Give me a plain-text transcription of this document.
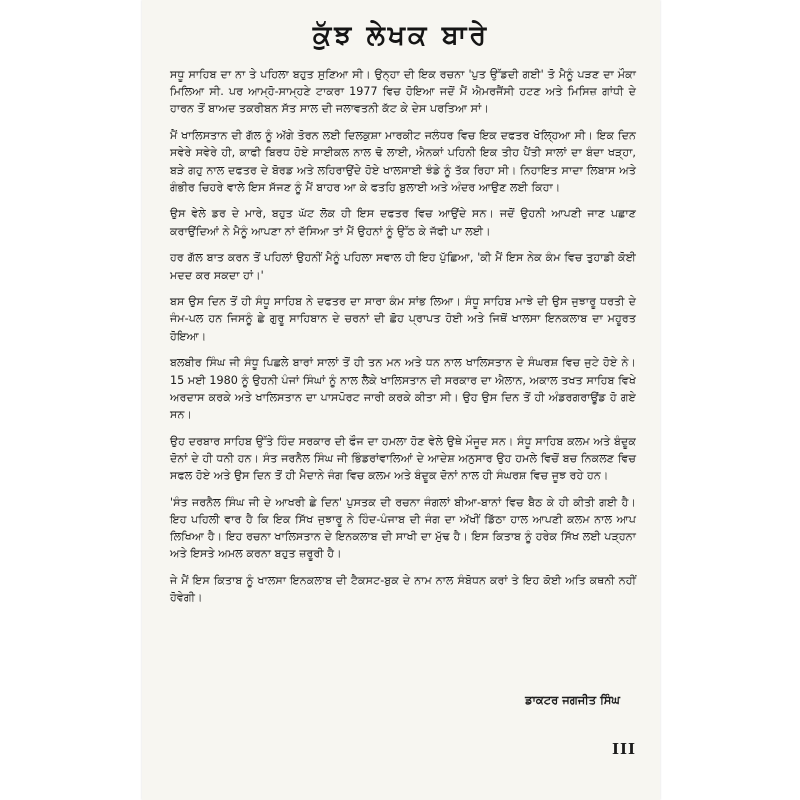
ਕੁੱਝ ਲੇਖਕ ਬਾਰੇ

ਸਧੂ ਸਾਹਿਬ ਦਾ ਨਾ ਤੇ ਪਹਿਲਾ ਬਹੁਤ ਸੁਣਿਆ ਸੀ। ਉਨ੍ਹਾ ਦੀ ਇਕ ਰਚਨਾ 'ਪੁਤ ਉੱਡਦੀ ਗਈ' ਤੋ ਮੈਨੂੰ ਪੜਣ ਦਾ ਮੌਕਾ ਮਿਲਿਆ ਸੀ. ਪਰ ਆਮ੍ਹੋ-ਸਾਮ੍ਹਣੇ ਟਾਕਰਾ 1977 ਵਿਚ ਹੋਇਆ ਜਦੋਂ ਮੈਂ ਐਮਰਜੈਂਸੀ ਹਟਣ ਅਤੇ ਮਿਸਿਜ਼ ਗਾਂਧੀ ਦੇ ਹਾਰਨ ਤੋਂ ਬਾਅਦ ਤਕਰੀਬਨ ਸੱਤ ਸਾਲ ਦੀ ਜਲਾਵਤਨੀ ਕੱਟ ਕੇ ਦੇਸ ਪਰਤਿਆ ਸਾਂ।

ਮੈਂ ਖਾਲਿਸਤਾਨ ਦੀ ਗੱਲ ਨੂੰ ਅੱਗੇ ਤੋਰਨ ਲਈ ਦਿਲਕੁਸ਼ਾ ਮਾਰਕੀਟ ਜਲੰਧਰ ਵਿਚ ਇਕ ਦਫਤਰ ਖੋਲ੍ਹਿਆ ਸੀ। ਇਕ ਦਿਨ ਸਵੇਰੇ ਸਵੇਰੇ ਹੀ, ਕਾਫੀ ਬਿਰਧ ਹੋਏ ਸਾਈਕਲ ਨਾਲ ਢੋ ਲਾਈ, ਐਨਕਾਂ ਪਹਿਨੀ ਇਕ ਤੀਹ ਪੈਂਤੀ ਸਾਲਾਂ ਦਾ ਬੰਦਾ ਖੜ੍ਹਾ, ਬੜੇ ਗਹੁ ਨਾਲ ਦਫਤਰ ਦੇ ਬੋਰਡ ਅਤੇ ਲਹਿਰਾਉਂਦੇ ਹੋਏ ਖਾਲਸਾਈ ਝੰਡੇ ਨੂੰ ਤੱਕ ਰਿਹਾ ਸੀ। ਨਿਹਾਇਤ ਸਾਦਾ ਲਿਬਾਸ ਅਤੇ ਗੰਭੀਰ ਚਿਹਰੇ ਵਾਲੇ ਇਸ ਸੱਜਣ ਨੂੰ ਮੈਂ ਬਾਹਰ ਆ ਕੇ ਫਤਹਿ ਬੁਲਾਈ ਅਤੇ ਅੰਦਰ ਆਉਣ ਲਈ ਕਿਹਾ।

ਉਸ ਵੇਲੇ ਡਰ ਦੇ ਮਾਰੇ, ਬਹੁਤ ਘੱਟ ਲੋਕ ਹੀ ਇਸ ਦਫਤਰ ਵਿਚ ਆਉਂਦੇ ਸਨ। ਜਦੋਂ ਉਹਨੀ ਆਪਣੀ ਜਾਣ ਪਛਾਣ ਕਰਾਉਂਦਿਆਂ ਨੇ ਮੈਨੂੰ ਆਪਣਾ ਨਾਂ ਦੱਸਿਆ ਤਾਂ ਮੈਂ ਉਹਨਾਂ ਨੂੰ ਉੱਠ ਕੇ ਜੱਫੀ ਪਾ ਲਈ।

ਹਰ ਗੱਲ ਬਾਤ ਕਰਨ ਤੋਂ ਪਹਿਲਾਂ ਉਹਨੀਂ ਮੈਨੂੰ ਪਹਿਲਾ ਸਵਾਲ ਹੀ ਇਹ ਪੁੱਛਿਆ, 'ਕੀ ਮੈਂ ਇਸ ਨੇਕ ਕੰਮ ਵਿਚ ਤੁਹਾਡੀ ਕੋਈ ਮਦਦ ਕਰ ਸਕਦਾ ਹਾਂ।'

ਬਸ ਉਸ ਦਿਨ ਤੋਂ ਹੀ ਸੰਧੂ ਸਾਹਿਬ ਨੇ ਦਫਤਰ ਦਾ ਸਾਰਾ ਕੰਮ ਸਾਂਭ ਲਿਆ। ਸੰਧੂ ਸਾਹਿਬ ਮਾਝੇ ਦੀ ਉਸ ਜੁਝਾਰੂ ਧਰਤੀ ਦੇ ਜੰਮ-ਪਲ ਹਨ ਜਿਸਨੂੰ ਛੇ ਗੁਰੂ ਸਾਹਿਬਾਨ ਦੇ ਚਰਨਾਂ ਦੀ ਛੋਹ ਪ੍ਰਾਪਤ ਹੋਈ ਅਤੇ ਜਿਥੋਂ ਖਾਲਸਾ ਇਨਕਲਾਬ ਦਾ ਮਹੂਰਤ ਹੋਇਆ।

ਬਲਬੀਰ ਸਿੰਘ ਜੀ ਸੰਧੂ ਪਿਛਲੇ ਬਾਰਾਂ ਸਾਲਾਂ ਤੋਂ ਹੀ ਤਨ ਮਨ ਅਤੇ ਧਨ ਨਾਲ ਖਾਲਿਸਤਾਨ ਦੇ ਸੰਘਰਸ਼ ਵਿਚ ਜੁਟੇ ਹੋਏ ਨੇ। 15 ਮਈ 1980 ਨੂੰ ਉਹਨੀ ਪੰਜਾਂ ਸਿੰਘਾਂ ਨੂੰ ਨਾਲ ਲੈਕੇ ਖਾਲਿਸਤਾਨ ਦੀ ਸਰਕਾਰ ਦਾ ਐਲਾਨ, ਅਕਾਲ ਤਖਤ ਸਾਹਿਬ ਵਿਖੇ ਅਰਦਾਸ ਕਰਕੇ ਅਤੇ ਖਾਲਿਸਤਾਨ ਦਾ ਪਾਸਪੋਰਟ ਜਾਰੀ ਕਰਕੇ ਕੀਤਾ ਸੀ। ਉਹ ਉਸ ਦਿਨ ਤੋਂ ਹੀ ਅੰਡਰਗਰਾਊਂਡ ਹੋ ਗਏ ਸਨ।

ਉਹ ਦਰਬਾਰ ਸਾਹਿਬ ਉੱਤੇ ਹਿੰਦ ਸਰਕਾਰ ਦੀ ਫੌਜ ਦਾ ਹਮਲਾ ਹੋਣ ਵੇਲੇ ਉਥੇ ਮੌਜੂਦ ਸਨ। ਸੰਧੂ ਸਾਹਿਬ ਕਲਮ ਅਤੇ ਬੰਦੂਕ ਦੋਨਾਂ ਦੇ ਹੀ ਧਨੀ ਹਨ। ਸੰਤ ਜਰਨੈਲ ਸਿੰਘ ਜੀ ਭਿੰਡਰਾਂਵਾਲਿਆਂ ਦੇ ਆਦੇਸ਼ ਅਨੁਸਾਰ ਉਹ ਹਮਲੇ ਵਿਚੋਂ ਬਚ ਨਿਕਲਣ ਵਿਚ ਸਫਲ ਹੋਏ ਅਤੇ ਉਸ ਦਿਨ ਤੋਂ ਹੀ ਮੈਦਾਨੇ ਜੰਗ ਵਿਚ ਕਲਮ ਅਤੇ ਬੰਦੂਕ ਦੋਨਾਂ ਨਾਲ ਹੀ ਸੰਘਰਸ਼ ਵਿਚ ਜੂਝ ਰਹੇ ਹਨ।

'ਸੰਤ ਜਰਨੈਲ ਸਿੰਘ ਜੀ ਦੇ ਆਖਰੀ ਛੇ ਦਿਨ' ਪੁਸਤਕ ਦੀ ਰਚਨਾ ਜੰਗਲਾਂ ਬੀਆ-ਬਾਨਾਂ ਵਿਚ ਬੈਠ ਕੇ ਹੀ ਕੀਤੀ ਗਈ ਹੈ। ਇਹ ਪਹਿਲੀ ਵਾਰ ਹੈ ਕਿ ਇਕ ਸਿੱਖ ਜੁਝਾਰੂ ਨੇ ਹਿੰਦ-ਪੰਜਾਬ ਦੀ ਜੰਗ ਦਾ ਅੱਖੀਂ ਡਿੱਠਾ ਹਾਲ ਆਪਣੀ ਕਲਮ ਨਾਲ ਆਪ ਲਿਖਿਆ ਹੈ। ਇਹ ਰਚਨਾ ਖਾਲਿਸਤਾਨ ਦੇ ਇਨਕਲਾਬ ਦੀ ਸਾਖੀ ਦਾ ਮੁੱਢ ਹੈ। ਇਸ ਕਿਤਾਬ ਨੂੰ ਹਰੇਕ ਸਿੱਖ ਲਈ ਪੜ੍ਹਨਾ ਅਤੇ ਇਸਤੇ ਅਮਲ ਕਰਨਾ ਬਹੁਤ ਜ਼ਰੂਰੀ ਹੈ।

ਜੇ ਮੈਂ ਇਸ ਕਿਤਾਬ ਨੂੰ ਖਾਲਸਾ ਇਨਕਲਾਬ ਦੀ ਟੈਕਸਟ-ਬੁਕ ਦੇ ਨਾਮ ਨਾਲ ਸੰਬੋਧਨ ਕਰਾਂ ਤੇ ਇਹ ਕੋਈ ਅਤਿ ਕਥਨੀ ਨਹੀਂ ਹੋਵੇਗੀ।

ਡਾਕਟਰ ਜਗਜੀਤ ਸਿੰਘ
III
